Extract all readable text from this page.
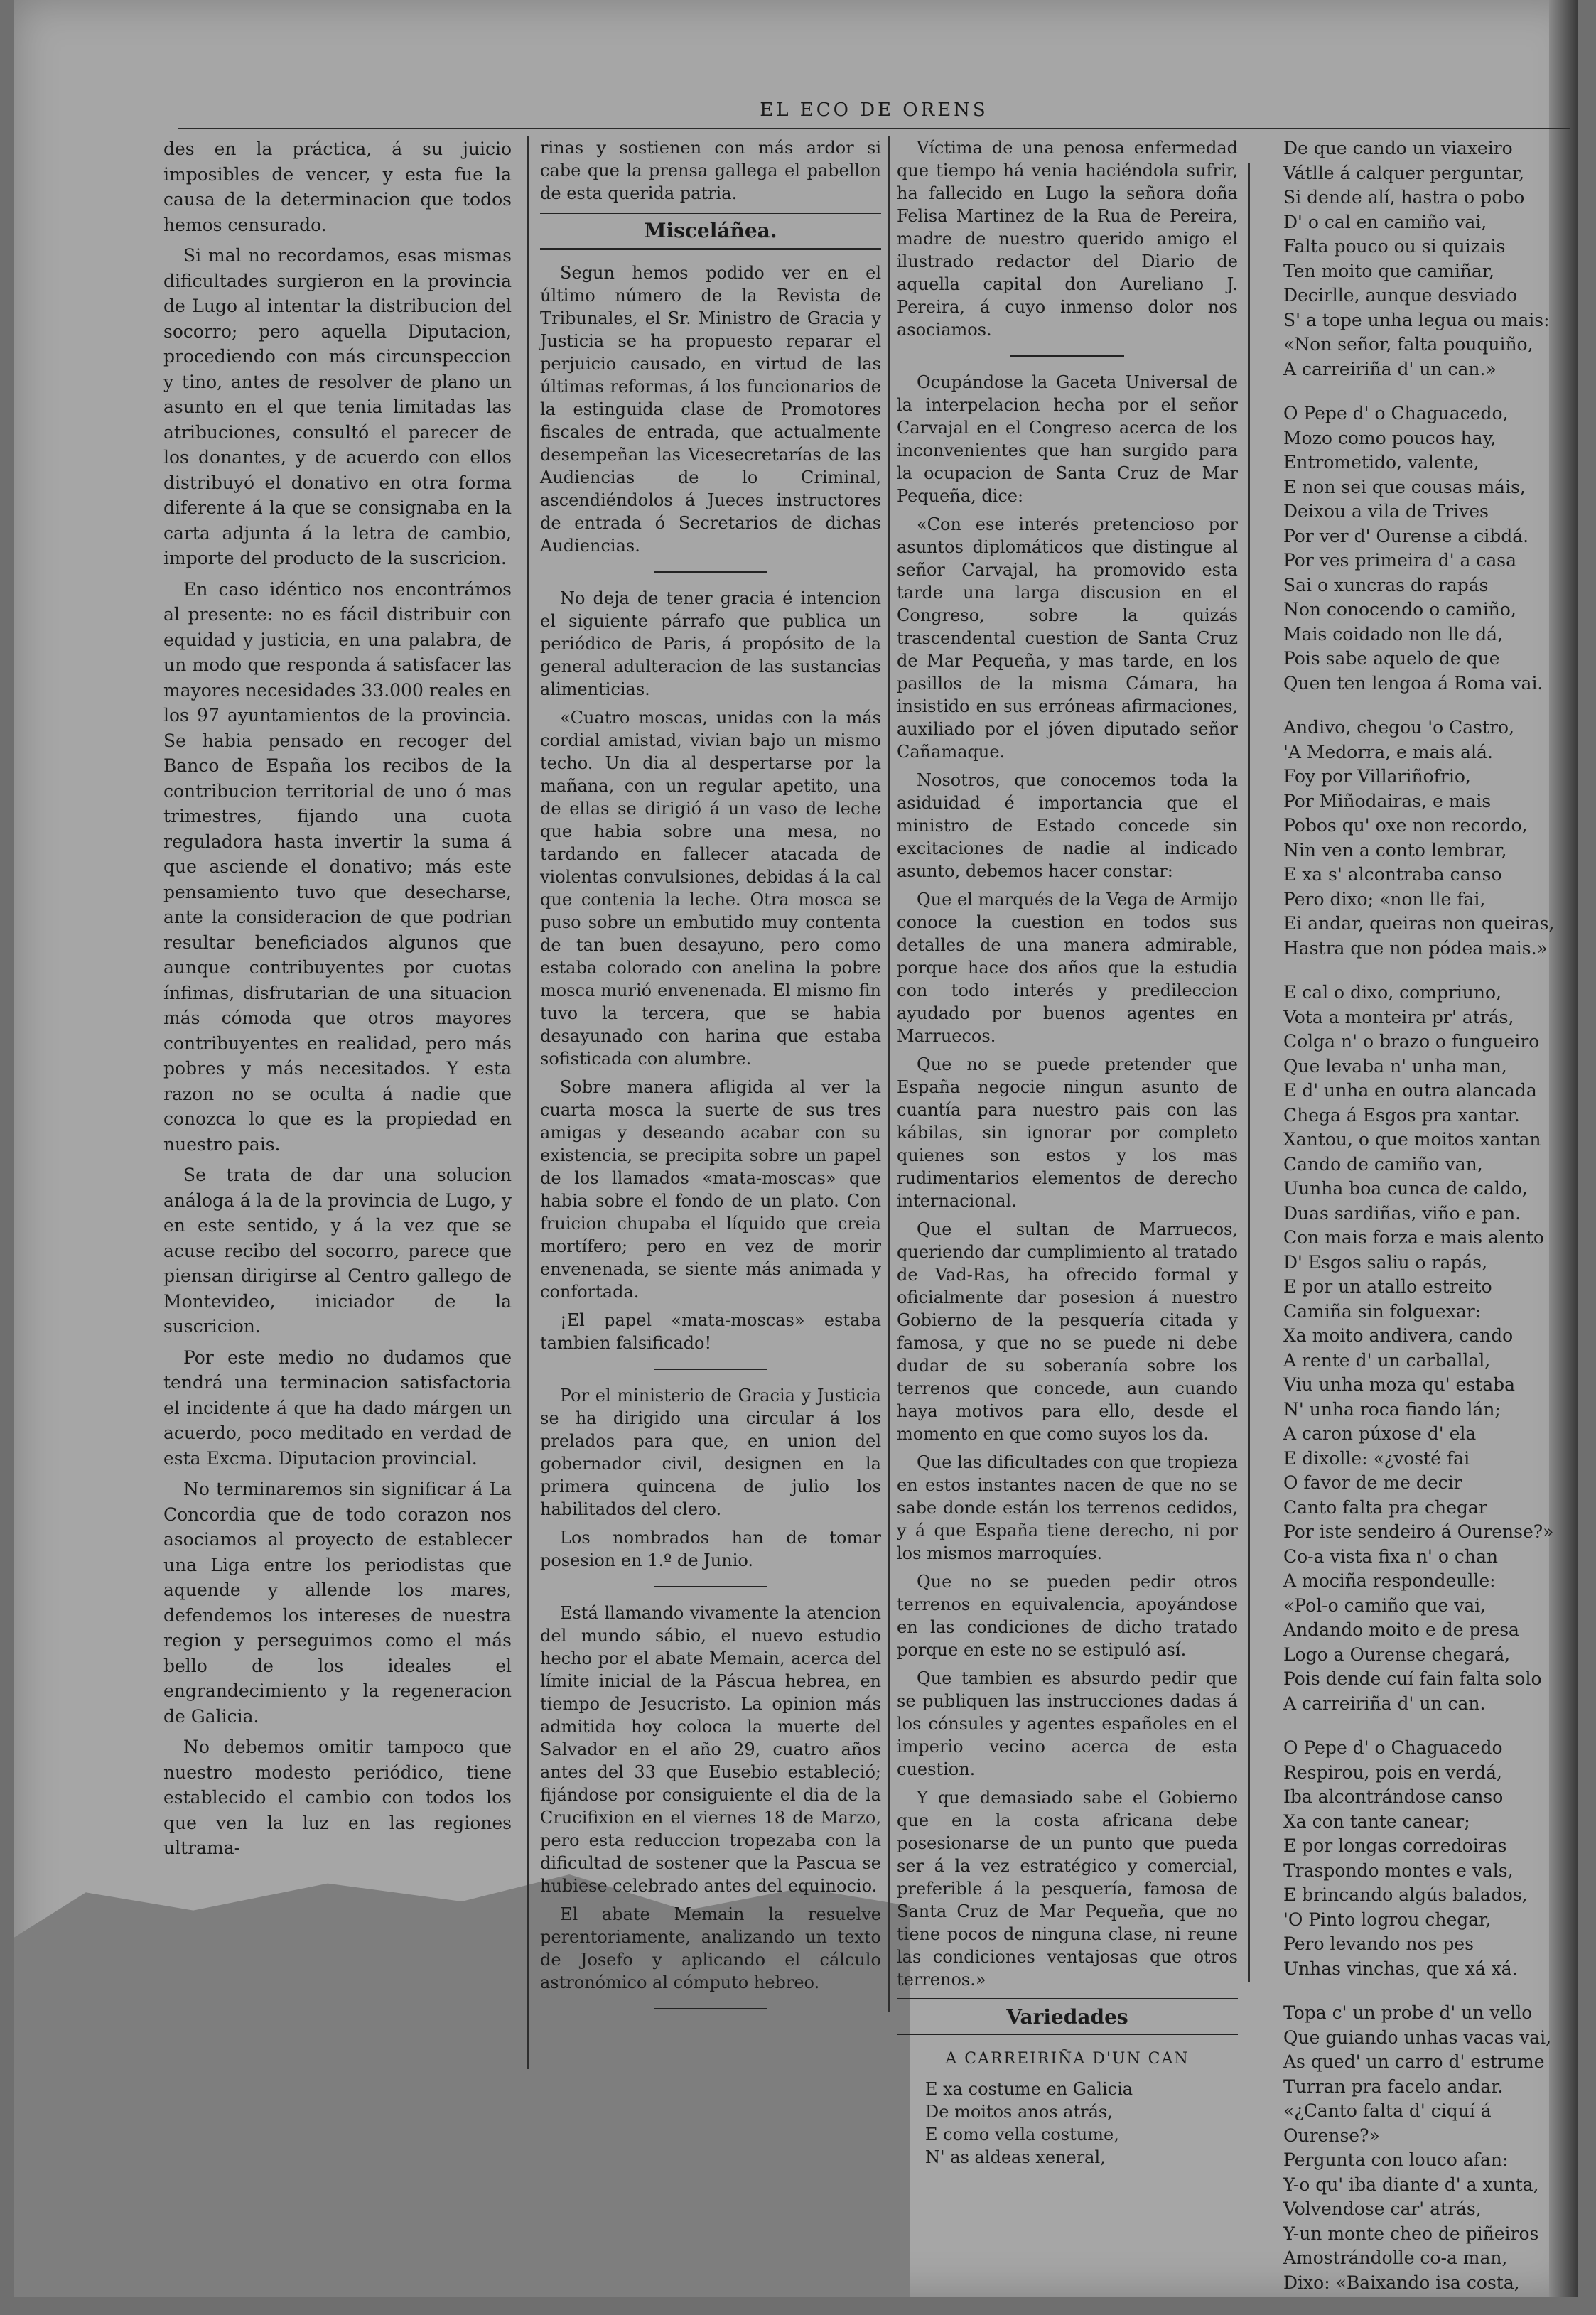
EL ECO DE ORENS

des en la práctica, á su juicio imposibles de vencer, y esta fue la causa de la determinacion que todos hemos censurado.

Si mal no recordamos, esas mismas dificultades surgieron en la provincia de Lugo al intentar la distribucion del socorro; pero aquella Diputacion, procediendo con más circunspeccion y tino, antes de resolver de plano un asunto en el que tenia limitadas las atribuciones, consultó el parecer de los donantes, y de acuerdo con ellos distribuyó el donativo en otra forma diferente á la que se consignaba en la carta adjunta á la letra de cambio, importe del producto de la suscricion.

En caso idéntico nos encontrámos al presente: no es fácil distribuir con equidad y justicia, en una palabra, de un modo que responda á satisfacer las mayores necesidades 33.000 reales en los 97 ayuntamientos de la provincia. Se habia pensado en recoger del Banco de España los recibos de la contribucion territorial de uno ó mas trimestres, fijando una cuota reguladora hasta invertir la suma á que asciende el donativo; más este pensamiento tuvo que desecharse, ante la consideracion de que podrian resultar beneficiados algunos que aunque contribuyentes por cuotas ínfimas, disfrutarian de una situacion más cómoda que otros mayores contribuyentes en realidad, pero más pobres y más necesitados. Y esta razon no se oculta á nadie que conozca lo que es la propiedad en nuestro pais.

Se trata de dar una solucion análoga á la de la provincia de Lugo, y en este sentido, y á la vez que se acuse recibo del socorro, parece que piensan dirigirse al Centro gallego de Montevideo, iniciador de la suscricion.

Por este medio no dudamos que tendrá una terminacion satisfactoria el incidente á que ha dado márgen un acuerdo, poco meditado en verdad de esta Excma. Diputacion provincial.

No terminaremos sin significar á La Concordia que de todo corazon nos asociamos al proyecto de establecer una Liga entre los periodistas que aquende y allende los mares, defendemos los intereses de nuestra region y perseguimos como el más bello de los ideales el engrandecimiento y la regeneracion de Galicia.

No debemos omitir tampoco que nuestro modesto periódico, tiene establecido el cambio con todos los que ven la luz en las regiones ultrama-

rinas y sostienen con más ardor si cabe que la prensa gallega el pabellon de esta querida patria.

Misceláñea.

Segun hemos podido ver en el último número de la Revista de Tribunales, el Sr. Ministro de Gracia y Justicia se ha propuesto reparar el perjuicio causado, en virtud de las últimas reformas, á los funcionarios de la estinguida clase de Promotores fiscales de entrada, que actualmente desempeñan las Vicesecretarías de las Audiencias de lo Criminal, ascendiéndolos á Jueces instructores de entrada ó Secretarios de dichas Audiencias.

No deja de tener gracia é intencion el siguiente párrafo que publica un periódico de Paris, á propósito de la general adulteracion de las sustancias alimenticias.

«Cuatro moscas, unidas con la más cordial amistad, vivian bajo un mismo techo. Un dia al despertarse por la mañana, con un regular apetito, una de ellas se dirigió á un vaso de leche que habia sobre una mesa, no tardando en fallecer atacada de violentas convulsiones, debidas á la cal que contenia la leche. Otra mosca se puso sobre un embutido muy contenta de tan buen desayuno, pero como estaba colorado con anelina la pobre mosca murió envenenada. El mismo fin tuvo la tercera, que se habia desayunado con harina que estaba sofisticada con alumbre.

Sobre manera afligida al ver la cuarta mosca la suerte de sus tres amigas y deseando acabar con su existencia, se precipita sobre un papel de los llamados «mata-moscas» que habia sobre el fondo de un plato. Con fruicion chupaba el líquido que creia mortífero; pero en vez de morir envenenada, se siente más animada y confortada.

¡El papel «mata-moscas» estaba tambien falsificado!

Por el ministerio de Gracia y Justicia se ha dirigido una circular á los prelados para que, en union del gobernador civil, designen en la primera quincena de julio los habilitados del clero.

Los nombrados han de tomar posesion en 1.º de Junio.

Está llamando vivamente la atencion del mundo sábio, el nuevo estudio hecho por el abate Memain, acerca del límite inicial de la Páscua hebrea, en tiempo de Jesucristo. La opinion más admitida hoy coloca la muerte del Salvador en el año 29, cuatro años antes del 33 que Eusebio estableció; fijándose por consiguiente el dia de la Crucifixion en el viernes 18 de Marzo, pero esta reduccion tropezaba con la dificultad de sostener que la Pascua se hubiese celebrado antes del equinocio.

El abate Memain la resuelve perentoriamente, analizando un texto de Josefo y aplicando el cálculo astronómico al cómputo hebreo.

Víctima de una penosa enfermedad que tiempo há venia haciéndola sufrir, ha fallecido en Lugo la señora doña Felisa Martinez de la Rua de Pereira, madre de nuestro querido amigo el ilustrado redactor del Diario de aquella capital don Aureliano J. Pereira, á cuyo inmenso dolor nos asociamos.

Ocupándose la Gaceta Universal de la interpelacion hecha por el señor Carvajal en el Congreso acerca de los inconvenientes que han surgido para la ocupacion de Santa Cruz de Mar Pequeña, dice:

«Con ese interés pretencioso por asuntos diplomáticos que distingue al señor Carvajal, ha promovido esta tarde una larga discusion en el Congreso, sobre la quizás trascendental cuestion de Santa Cruz de Mar Pequeña, y mas tarde, en los pasillos de la misma Cámara, ha insistido en sus erróneas afirmaciones, auxiliado por el jóven diputado señor Cañamaque.

Nosotros, que conocemos toda la asiduidad é importancia que el ministro de Estado concede sin excitaciones de nadie al indicado asunto, debemos hacer constar:

Que el marqués de la Vega de Armijo conoce la cuestion en todos sus detalles de una manera admirable, porque hace dos años que la estudia con todo interés y predileccion ayudado por buenos agentes en Marruecos.

Que no se puede pretender que España negocie ningun asunto de cuantía para nuestro pais con las kábilas, sin ignorar por completo quienes son estos y los mas rudimentarios elementos de derecho internacional.

Que el sultan de Marruecos, queriendo dar cumplimiento al tratado de Vad-Ras, ha ofrecido formal y oficialmente dar posesion á nuestro Gobierno de la pesquería citada y famosa, y que no se puede ni debe dudar de su soberanía sobre los terrenos que concede, aun cuando haya motivos para ello, desde el momento en que como suyos los da.

Que las dificultades con que tropieza en estos instantes nacen de que no se sabe donde están los terrenos cedidos, y á que España tiene derecho, ni por los mismos marroquíes.

Que no se pueden pedir otros terrenos en equivalencia, apoyándose en las condiciones de dicho tratado porque en este no se estipuló así.

Que tambien es absurdo pedir que se publiquen las instrucciones dadas á los cónsules y agentes españoles en el imperio vecino acerca de esta cuestion.

Y que demasiado sabe el Gobierno que en la costa africana debe posesionarse de un punto que pueda ser á la vez estratégico y comercial, preferible á la pesquería, famosa de Santa Cruz de Mar Pequeña, que no tiene pocos de ninguna clase, ni reune las condiciones ventajosas que otros terrenos.»

Variedades
A CARREIRIÑA D'UN CAN
E xa costume en Galicia
De moitos anos atrás,
E como vella costume,
N' as aldeas xeneral,
De que cando un viaxeiro
Vátlle á calquer perguntar,
Si dende alí, hastra o pobo
D' o cal en camiño vai,
Falta pouco ou si quizais
Ten moito que camiñar,
Decirlle, aunque desviado
S' a tope unha legua ou mais:
«Non señor, falta pouquiño,
A carreiriña d' un can.»
O Pepe d' o Chaguacedo,
Mozo como poucos hay,
Entrometido, valente,
E non sei que cousas máis,
Deixou a vila de Trives
Por ver d' Ourense a cibdá.
Por ves primeira d' a casa
Sai o xuncras do rapás
Non conocendo o camiño,
Mais coidado non lle dá,
Pois sabe aquelo de que
Quen ten lengoa á Roma vai.
Andivo, chegou 'o Castro,
'A Medorra, e mais alá.
Foy por Villariñofrio,
Por Miñodairas, e mais
Pobos qu' oxe non recordo,
Nin ven a conto lembrar,
E xa s' alcontraba canso
Pero dixo; «non lle fai,
Ei andar, queiras non queiras,
Hastra que non pódea mais.»
E cal o dixo, compriuno,
Vota a monteira pr' atrás,
Colga n' o brazo o fungueiro
Que levaba n' unha man,
E d' unha en outra alancada
Chega á Esgos pra xantar.
Xantou, o que moitos xantan
Cando de camiño van,
Uunha boa cunca de caldo,
Duas sardiñas, viño e pan.
Con mais forza e mais alento
D' Esgos saliu o rapás,
E por un atallo estreito
Camiña sin folguexar:
Xa moito andivera, cando
A rente d' un carballal,
Viu unha moza qu' estaba
N' unha roca fiando lán;
A caron púxose d' ela
E dixolle: «¿vosté fai
O favor de me decir
Canto falta pra chegar
Por iste sendeiro á Ourense?»
Co-a vista fixa n' o chan
A mociña respondeulle:
«Pol-o camiño que vai,
Andando moito e de presa
Logo a Ourense chegará,
Pois dende cuí fain falta solo
A carreiriña d' un can.
O Pepe d' o Chaguacedo
Respirou, pois en verdá,
Iba alcontrándose canso
Xa con tante canear;
E por longas corredoiras
Traspondo montes e vals,
E brincando algús balados,
'O Pinto logrou chegar,
Pero levando nos pes
Unhas vinchas, que xá xá.
Topa c' un probe d' un vello
Que guiando unhas vacas vai,
As qued' un carro d' estrume
Turran pra facelo andar.
«¿Canto falta d' ciquí á Ourense?»
Pergunta con louco afan:
Y-o qu' iba diante d' a xunta,
Volvendose car' atrás,
Y-un monte cheo de piñeiros
Amostrándolle co-a man,
Dixo: «Baixando isa costa,
